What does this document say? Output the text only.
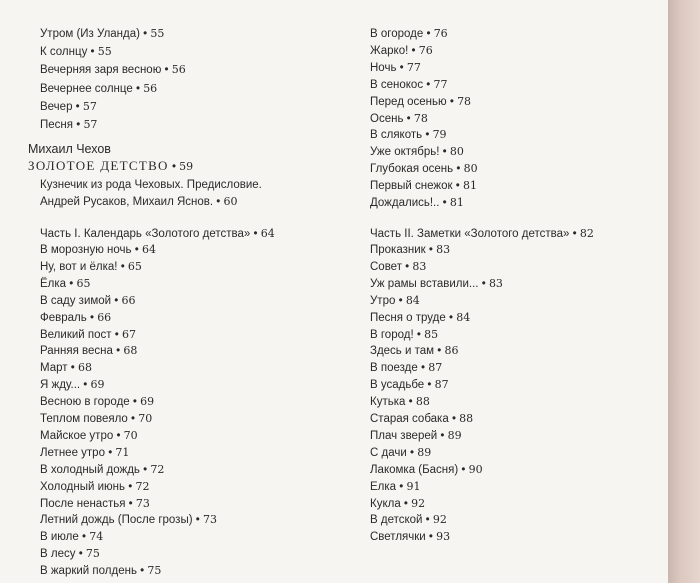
Утром (Из Уланда) • 55
К солнцу • 55
Вечерняя заря весною • 56
Вечернее солнце • 56
Вечер • 57
Песня • 57
Михаил Чехов
ЗОЛОТОЕ ДЕТСТВО • 59
Кузнечик из рода Чеховых. Предисловие.
Андрей Русаков, Михаил Яснов. • 60
Часть I. Календарь «Золотого детства» • 64
В морозную ночь • 64
Ну, вот и ёлка! • 65
Ёлка • 65
В саду зимой • 66
Февраль • 66
Великий пост • 67
Ранняя весна • 68
Март • 68
Я жду... • 69
Весною в городе • 69
Теплом повеяло • 70
Майское утро • 70
Летнее утро • 71
В холодный дождь • 72
Холодный июнь • 72
После ненастья • 73
Летний дождь (После грозы) • 73
В июле • 74
В лесу • 75
В жаркий полдень • 75
В огороде • 76
Жарко! • 76
Ночь • 77
В сенокос • 77
Перед осенью • 78
Осень • 78
В слякоть • 79
Уже октябрь! • 80
Глубокая осень • 80
Первый снежок • 81
Дождались!.. • 81
Часть II. Заметки «Золотого детства» • 82
Проказник • 83
Совет • 83
Уж рамы вставили... • 83
Утро • 84
Песня о труде • 84
В город! • 85
Здесь и там • 86
В поезде • 87
В усадьбе • 87
Кутька • 88
Старая собака • 88
Плач зверей • 89
С дачи • 89
Лакомка (Басня) • 90
Елка • 91
Кукла • 92
В детской • 92
Светлячки • 93
